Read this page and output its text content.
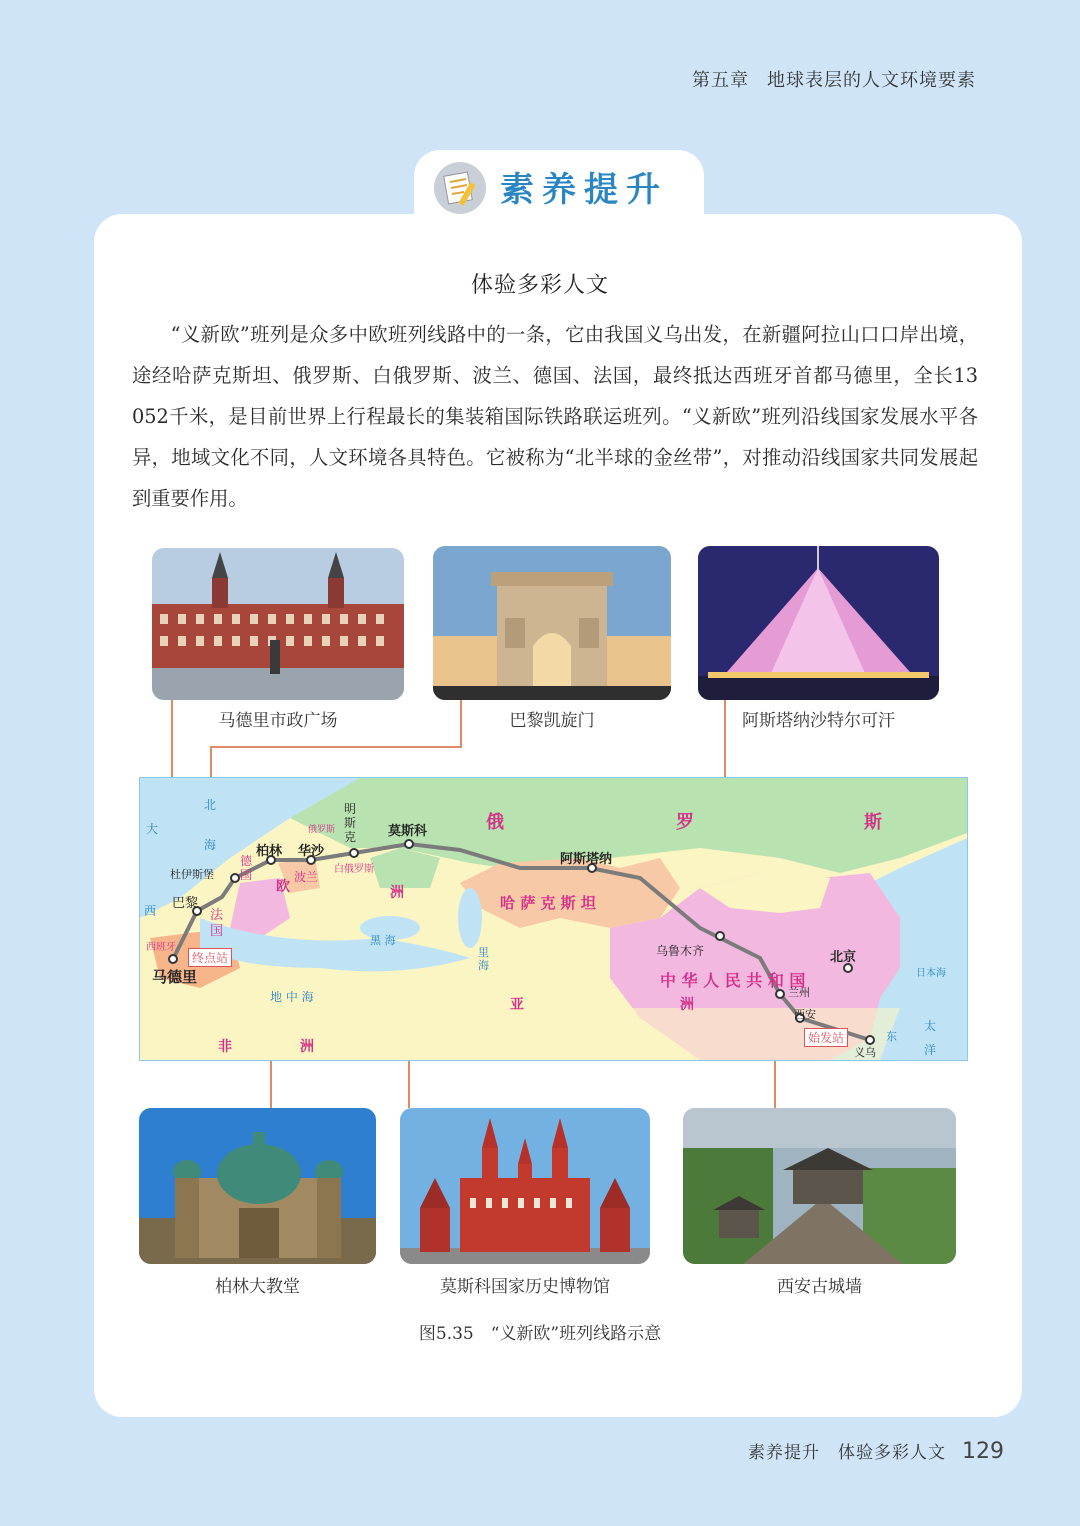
第五章 地球表层的人文环境要素
素养提升
体验多彩人文

“义新欧”班列是众多中欧班列线路中的一条，它由我国义乌出发，在新疆阿拉山口口岸出境，途经哈萨克斯坦、俄罗斯、白俄罗斯、波兰、德国、法国，最终抵达西班牙首都马德里，全长13 052千米，是目前世界上行程最长的集装箱国际铁路联运班列。“义新欧”班列沿线国家发展水平各异，地域文化不同，人文环境各具特色。它被称为“北半球的金丝带”，对推动沿线国家共同发展起到重要作用。

马德里市政广场	巴黎凯旋门	阿斯塔纳沙特尔可汗
俄	罗	斯
哈 萨 克 斯 坦
中 华 人 民 共 和 国
德
国
法
国
波兰
白俄罗斯
西班牙
马德里
巴黎
杜伊斯堡
柏林 华沙
明
斯
克 莫斯科
阿斯塔纳
乌鲁木齐	北京
兰州
西安
义乌
欧	洲
亚	洲
非	洲
大
西
北
海
俄罗斯
黑 海
里
海
地 中 海
日本海
东
太
洋
终点站
始发站
柏林大教堂	莫斯科国家历史博物馆	西安古城墙
图5.35　“义新欧”班列线路示意
素养提升　体验多彩人文 129
